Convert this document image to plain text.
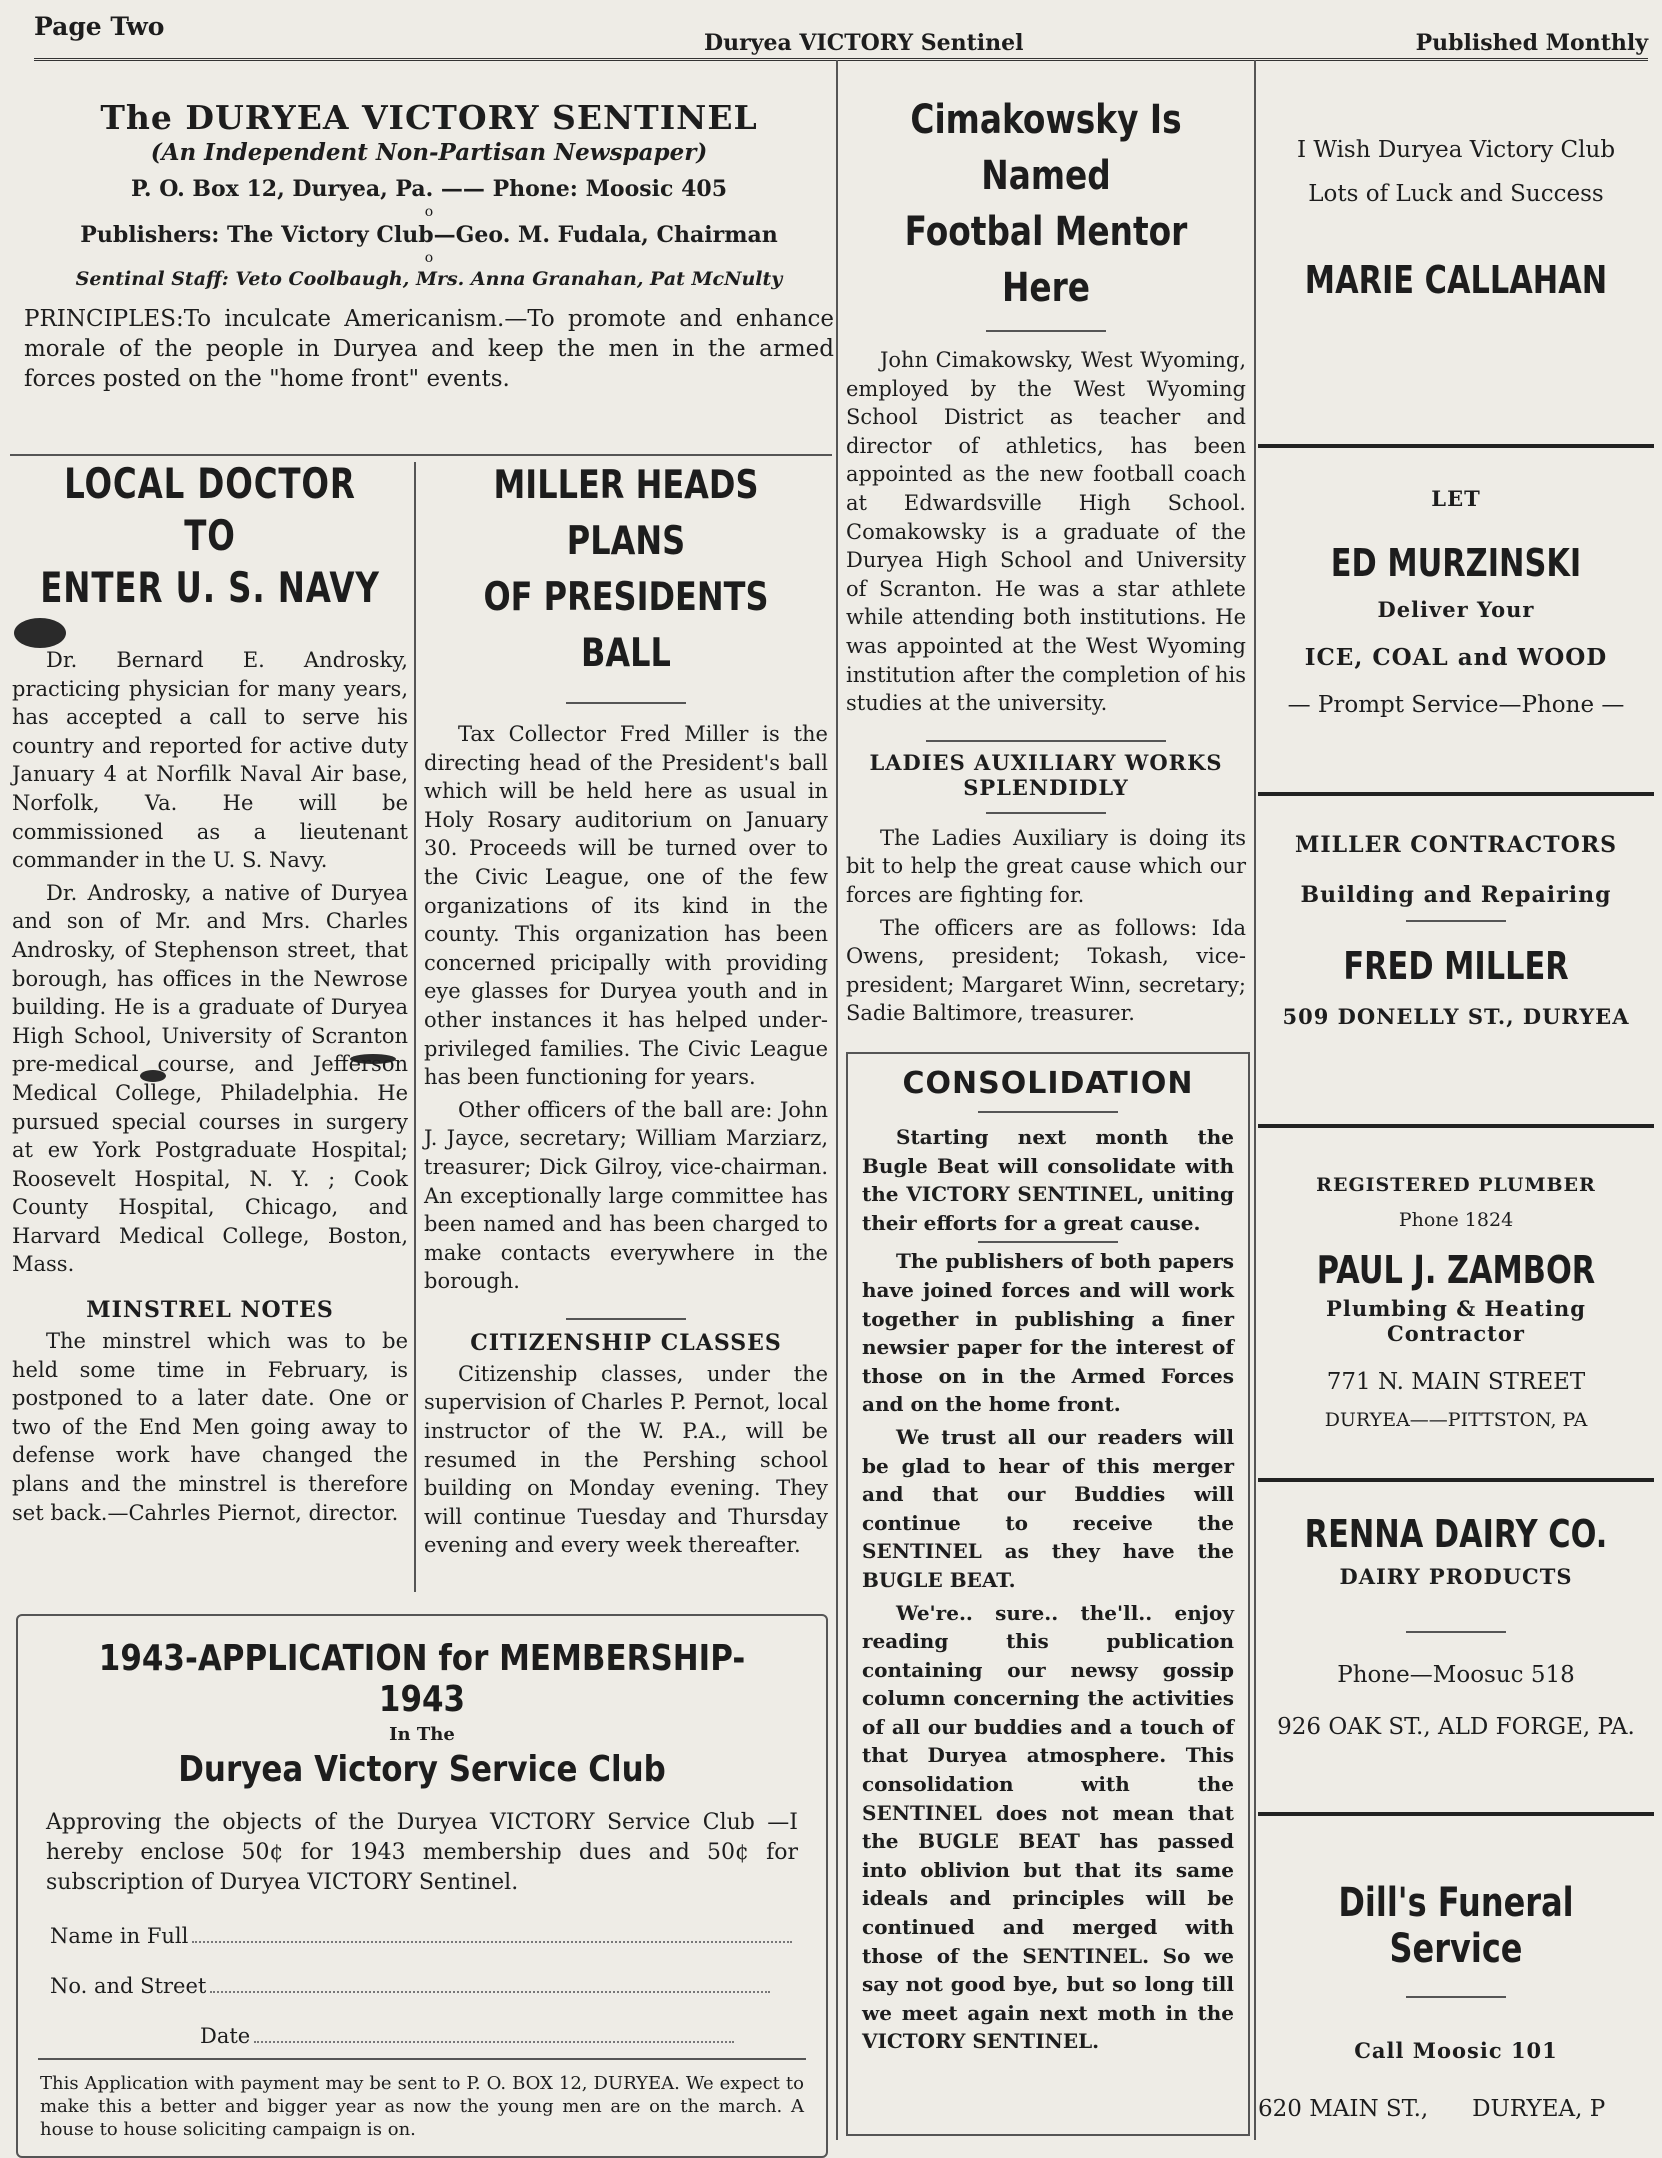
Page Two
Duryea VICTORY Sentinel	Published Monthly
The DURYEA VICTORY SENTINEL
(An Independent Non-Partisan Newspaper)
P. O. Box 12, Duryea, Pa. —— Phone: Moosic 405
o
Publishers: The Victory Club—Geo. M. Fudala, Chairman
o
Sentinal Staff: Veto Coolbaugh, Mrs. Anna Granahan, Pat McNulty
PRINCIPLES:To inculcate Americanism.—To promote and enhance morale of the people in Duryea and keep the men in the armed forces posted on the "home front" events.
LOCAL DOCTOR TO
ENTER U. S. NAVY

Dr. Bernard E. Androsky, practicing physician for many years, has accepted a call to serve his country and reported for active duty January 4 at Norfilk Naval Air base, Norfolk, Va. He will be commissioned as a lieutenant commander in the U. S. Navy.

Dr. Androsky, a native of Duryea and son of Mr. and Mrs. Charles Androsky, of Stephenson street, that borough, has offices in the Newrose building. He is a graduate of Duryea High School, University of Scranton pre-medical course, and Jefferson Medical College, Philadelphia. He pursued special courses in surgery at ew York Postgraduate Hospital; Roosevelt Hospital, N. Y. ; Cook County Hospital, Chicago, and Harvard Medical College, Boston, Mass.

MINSTREL NOTES

The minstrel which was to be held some time in February, is postponed to a later date. One or two of the End Men going away to defense work have changed the plans and the minstrel is therefore set back.—Cahrles Piernot, director.

MILLER HEADS PLANS
OF PRESIDENTS BALL

Tax Collector Fred Miller is the directing head of the President's ball which will be held here as usual in Holy Rosary auditorium on January 30. Proceeds will be turned over to the Civic League, one of the few organizations of its kind in the county. This organization has been concerned pricipally with providing eye glasses for Duryea youth and in other instances it has helped under-privileged families. The Civic League has been functioning for years.

Other officers of the ball are: John J. Jayce, secretary; William Marziarz, treasurer; Dick Gilroy, vice-chairman. An exceptionally large committee has been named and has been charged to make contacts everywhere in the borough.

CITIZENSHIP CLASSES

Citizenship classes, under the supervision of Charles P. Pernot, local instructor of the W. P.A., will be resumed in the Pershing school building on Monday evening. They will continue Tuesday and Thursday evening and every week thereafter.

Cimakowsky Is Named
Footbal Mentor Here

John Cimakowsky, West Wyoming, employed by the West Wyoming School District as teacher and director of athletics, has been appointed as the new football coach at Edwardsville High School. Comakowsky is a graduate of the Duryea High School and University of Scranton. He was a star athlete while attending both institutions. He was appointed at the West Wyoming institution after the completion of his studies at the university.

LADIES AUXILIARY WORKS
SPLENDIDLY

The Ladies Auxiliary is doing its bit to help the great cause which our forces are fighting for.

The officers are as follows: Ida Owens, president; Tokash, vice-president; Margaret Winn, secretary; Sadie Baltimore, treasurer.

CONSOLIDATION

Starting next month the Bugle Beat will consolidate with the VICTORY SENTINEL, uniting their efforts for a great cause.

The publishers of both papers have joined forces and will work together in publishing a finer newsier paper for the interest of those on in the Armed Forces and on the home front.

We trust all our readers will be glad to hear of this merger and that our Buddies will continue to receive the SENTINEL as they have the BUGLE BEAT.

We're.. sure.. the'll.. enjoy reading this publication containing our newsy gossip column concerning the activities of all our buddies and a touch of that Duryea atmosphere. This consolidation with the SENTINEL does not mean that the BUGLE BEAT has passed into oblivion but that its same ideals and principles will be continued and merged with those of the SENTINEL. So we say not good bye, but so long till we meet again next moth in the VICTORY SENTINEL.

1943-APPLICATION for MEMBERSHIP-1943
In The
Duryea Victory Service Club
Approving the objects of the Duryea VICTORY Service Club —I hereby enclose 50¢ for 1943 membership dues and 50¢ for subscription of Duryea VICTORY Sentinel.
Name in Full
No. and Street
Date
This Application with payment may be sent to P. O. BOX 12, DURYEA. We expect to make this a better and bigger year as now the young men are on the march. A house to house soliciting campaign is on.
I Wish Duryea Victory Club
Lots of Luck and Success
MARIE CALLAHAN
LET
ED MURZINSKI
Deliver Your
ICE, COAL and WOOD
— Prompt Service—Phone —
MILLER CONTRACTORS
Building and Repairing
FRED MILLER
509 DONELLY ST., DURYEA
REGISTERED PLUMBER
Phone 1824
PAUL J. ZAMBOR
Plumbing & Heating Contractor
771 N. MAIN STREET
DURYEA——PITTSTON, PA
RENNA DAIRY CO.
DAIRY PRODUCTS
Phone—Moosuc 518
926 OAK ST., ALD FORGE, PA.
Dill's Funeral Service
Call Moosic 101
620 MAIN ST.,      DURYEA, P
